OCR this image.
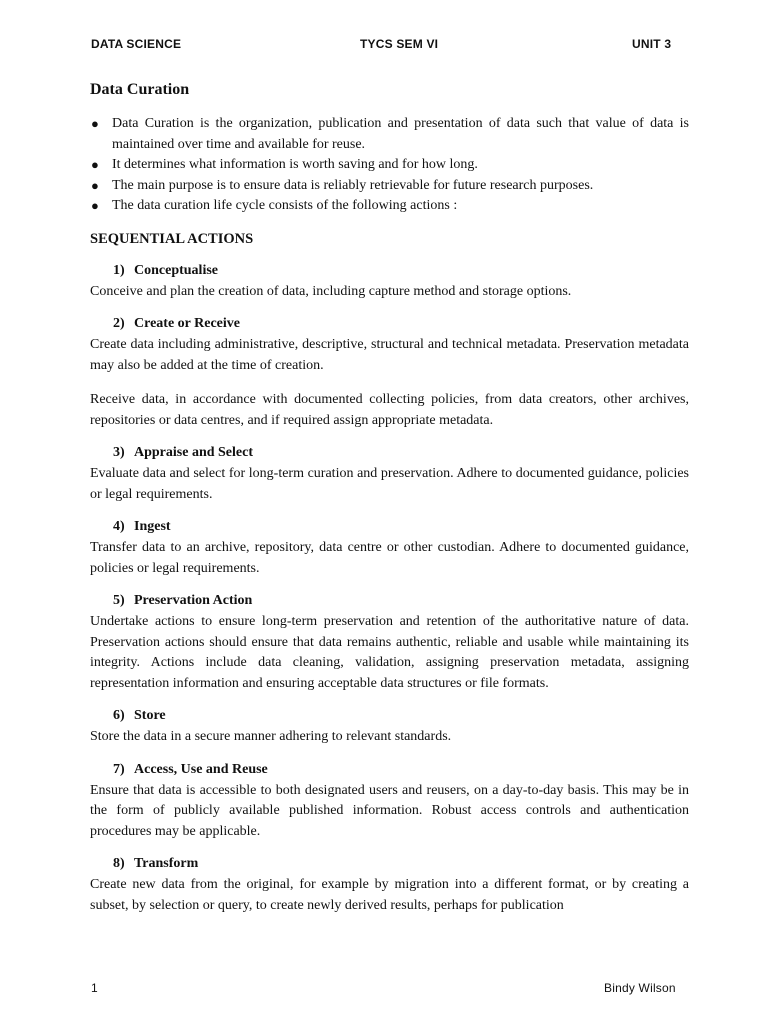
DATA SCIENCE	TYCS SEM VI	UNIT 3
Data Curation
● Data Curation is the organization, publication and presentation of data such that value of data is maintained over time and available for reuse.
● It determines what information is worth saving and for how long.
● The main purpose is to ensure data is reliably retrievable for future research purposes.
● The data curation life cycle consists of the following actions :
SEQUENTIAL ACTIONS
1) Conceptualise

Conceive and plan the creation of data, including capture method and storage options.

2) Create or Receive

Create data including administrative, descriptive, structural and technical metadata. Preservation metadata may also be added at the time of creation.

Receive data, in accordance with documented collecting policies, from data creators, other archives, repositories or data centres, and if required assign appropriate metadata.

3) Appraise and Select

Evaluate data and select for long-term curation and preservation. Adhere to documented guidance, policies or legal requirements.

4) Ingest

Transfer data to an archive, repository, data centre or other custodian. Adhere to documented guidance, policies or legal requirements.

5) Preservation Action

Undertake actions to ensure long-term preservation and retention of the authoritative nature of data. Preservation actions should ensure that data remains authentic, reliable and usable while maintaining its integrity. Actions include data cleaning, validation, assigning preservation metadata, assigning representation information and ensuring acceptable data structures or file formats.

6) Store

Store the data in a secure manner adhering to relevant standards.

7) Access, Use and Reuse

Ensure that data is accessible to both designated users and reusers, on a day-to-day basis. This may be in the form of publicly available published information. Robust access controls and authentication procedures may be applicable.

8) Transform

Create new data from the original, for example by migration into a different format, or by creating a subset, by selection or query, to create newly derived results, perhaps for publication

1	Bindy Wilson
